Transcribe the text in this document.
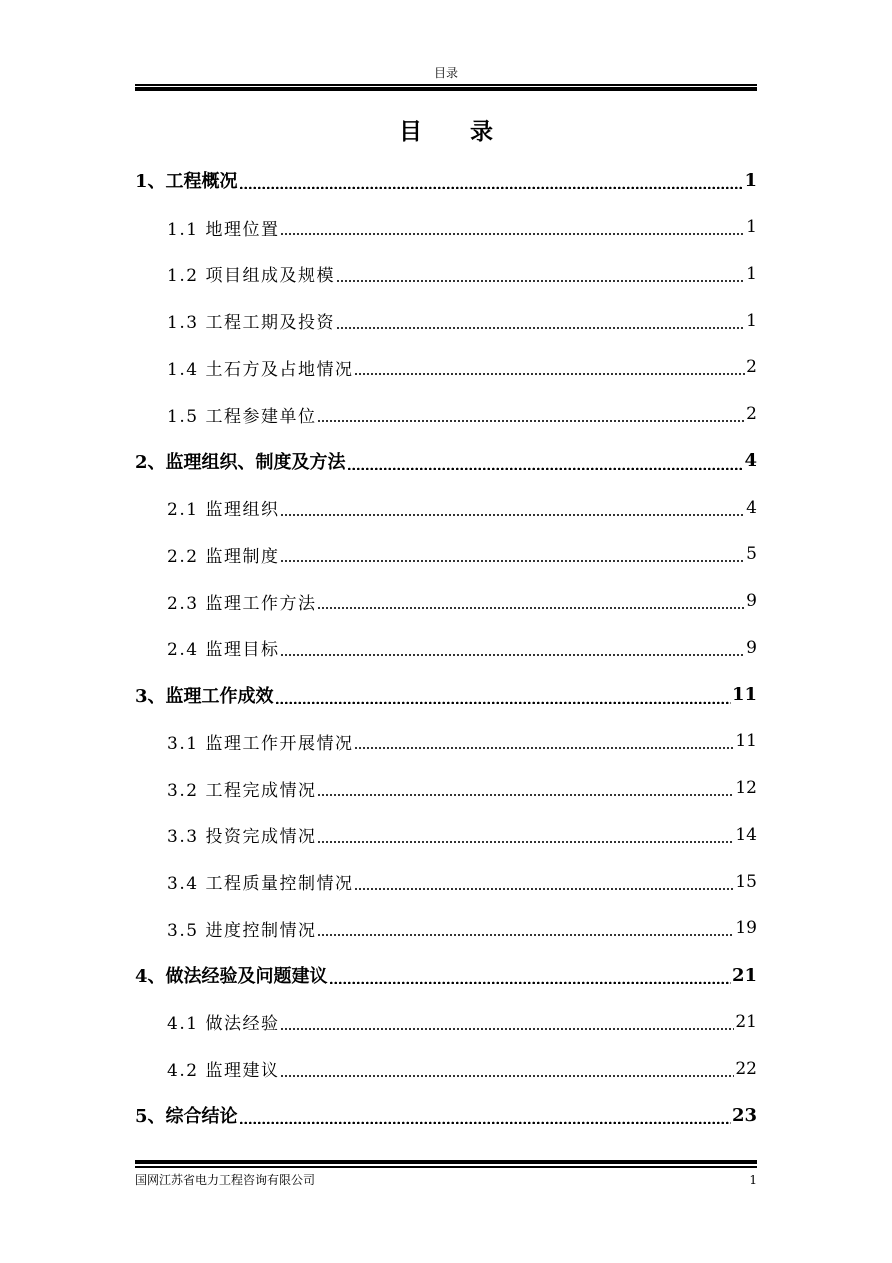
目录
目 录
1、工程概况	1
1.1 地理位置	1
1.2 项目组成及规模	1
1.3 工程工期及投资	1
1.4 土石方及占地情况	2
1.5 工程参建单位	2
2、监理组织、制度及方法	4
2.1 监理组织	4
2.2 监理制度	5
2.3 监理工作方法	9
2.4 监理目标	9
3、监理工作成效	11
3.1 监理工作开展情况	11
3.2 工程完成情况	12
3.3 投资完成情况	14
3.4 工程质量控制情况	15
3.5 进度控制情况	19
4、做法经验及问题建议	21
4.1 做法经验	21
4.2 监理建议	22
5、综合结论	23
国网江苏省电力工程咨询有限公司	1
